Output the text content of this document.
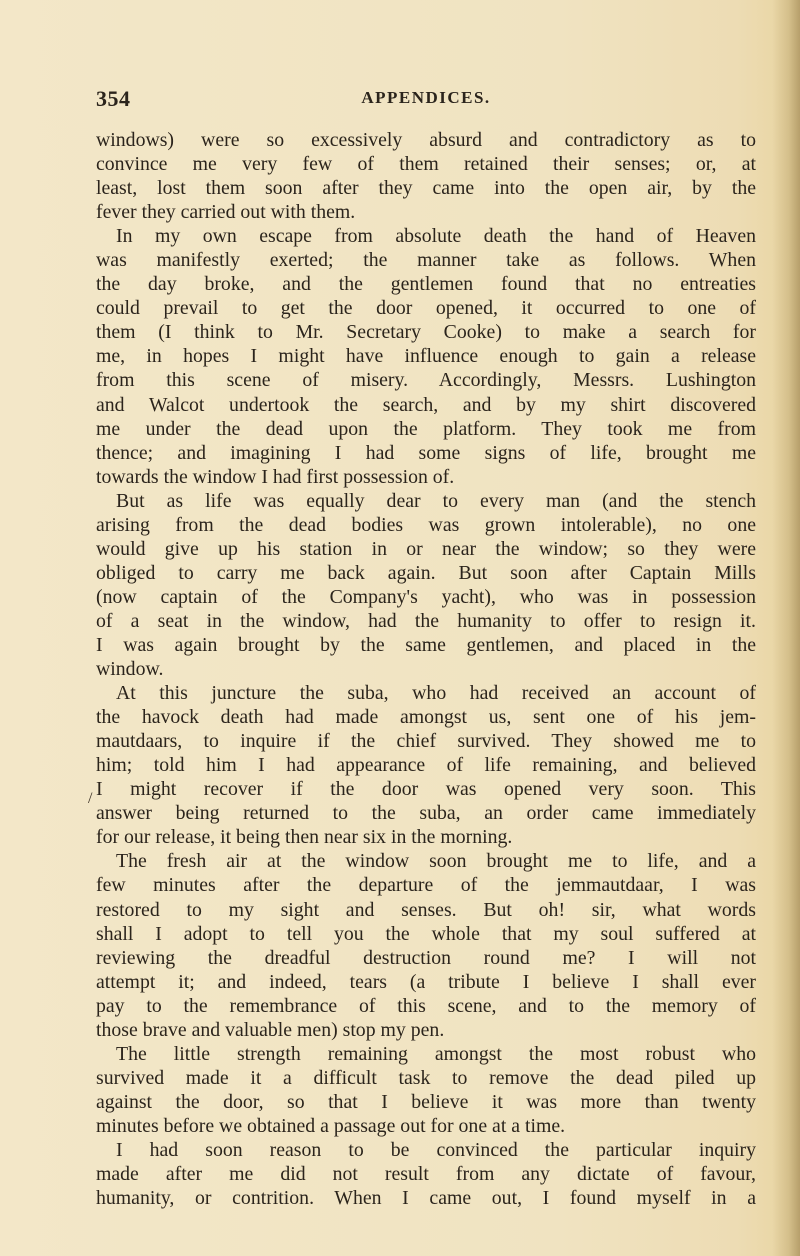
354	APPENDICES.
/
windows) were so excessively absurd and contradictory as to
convince me very few of them retained their senses; or, at
least, lost them soon after they came into the open air, by the
fever they carried out with them.
In my own escape from absolute death the hand of Heaven
was manifestly exerted; the manner take as follows. When
the day broke, and the gentlemen found that no entreaties
could prevail to get the door opened, it occurred to one of
them (I think to Mr. Secretary Cooke) to make a search for
me, in hopes I might have influence enough to gain a release
from this scene of misery. Accordingly, Messrs. Lushington
and Walcot undertook the search, and by my shirt discovered
me under the dead upon the platform. They took me from
thence; and imagining I had some signs of life, brought me
towards the window I had first possession of.
But as life was equally dear to every man (and the stench
arising from the dead bodies was grown intolerable), no one
would give up his station in or near the window; so they were
obliged to carry me back again. But soon after Captain Mills
(now captain of the Company's yacht), who was in possession
of a seat in the window, had the humanity to offer to resign it.
I was again brought by the same gentlemen, and placed in the
window.
At this juncture the suba, who had received an account of
the havock death had made amongst us, sent one of his jem-
mautdaars, to inquire if the chief survived. They showed me to
him; told him I had appearance of life remaining, and believed
I might recover if the door was opened very soon. This
answer being returned to the suba, an order came immediately
for our release, it being then near six in the morning.
The fresh air at the window soon brought me to life, and a
few minutes after the departure of the jemmautdaar, I was
restored to my sight and senses. But oh! sir, what words
shall I adopt to tell you the whole that my soul suffered at
reviewing the dreadful destruction round me? I will not
attempt it; and indeed, tears (a tribute I believe I shall ever
pay to the remembrance of this scene, and to the memory of
those brave and valuable men) stop my pen.
The little strength remaining amongst the most robust who
survived made it a difficult task to remove the dead piled up
against the door, so that I believe it was more than twenty
minutes before we obtained a passage out for one at a time.
I had soon reason to be convinced the particular inquiry
made after me did not result from any dictate of favour,
humanity, or contrition. When I came out, I found myself in a
